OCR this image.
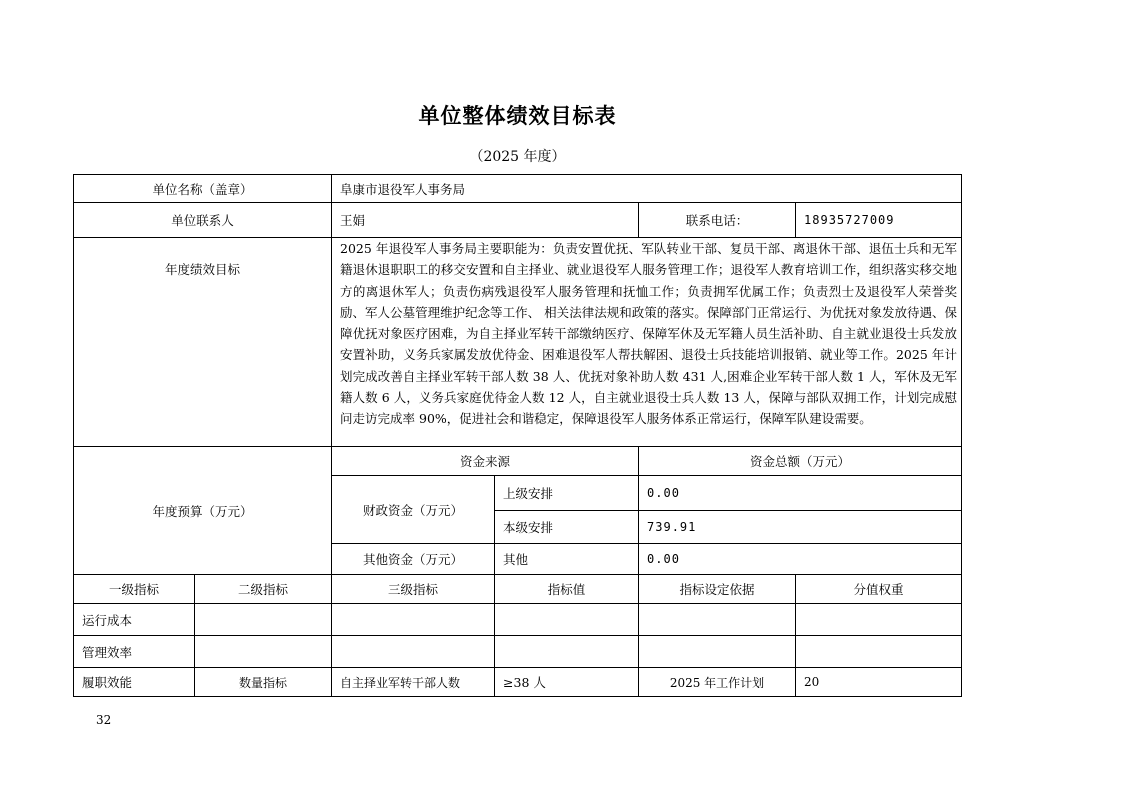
单位整体绩效目标表
（2025 年度）
单位名称（盖章）		阜康市退役军人事务局			
单位联系人		王娟		联系电话：	18935727009
年度绩效目标		2025 年退役军人事务局主要职能为：负责安置优抚、军队转业干部、复员干部、离退休干部、退伍士兵和无军籍退休退职职工的移交安置和自主择业、就业退役军人服务管理工作；退役军人教育培训工作，组织落实移交地方的离退休军人；负责伤病残退役军人服务管理和抚恤工作；负责拥军优属工作；负责烈士及退役军人荣誉奖励、军人公墓管理维护纪念等工作、 相关法律法规和政策的落实。保障部门正常运行、为优抚对象发放待遇、保障优抚对象医疗困难，为自主择业军转干部缴纳医疗、保障军休及无军籍人员生活补助、自主就业退役士兵发放安置补助，义务兵家属发放优待金、困难退役军人帮扶解困、退役士兵技能培训报销、就业等工作。2025 年计划完成改善自主择业军转干部人数 38 人、优抚对象补助人数 431 人,困难企业军转干部人数 1 人，军休及无军籍人数 6 人，义务兵家庭优待金人数 12 人，自主就业退役士兵人数 13 人，保障与部队双拥工作，计划完成慰问走访完成率 90%，促进社会和谐稳定，保障退役军人服务体系正常运行，保障军队建设需要。			
年度预算（万元）		资金来源		资金总额（万元）	
		财政资金（万元）	上级安排	0.00	
			本级安排	739.91	
		其他资金（万元）	其他	0.00	
一级指标	二级指标	三级指标	指标值	指标设定依据	分值权重
运行成本					
管理效率					
履职效能	数量指标	自主择业军转干部人数	≥38 人	2025 年工作计划	20
32
